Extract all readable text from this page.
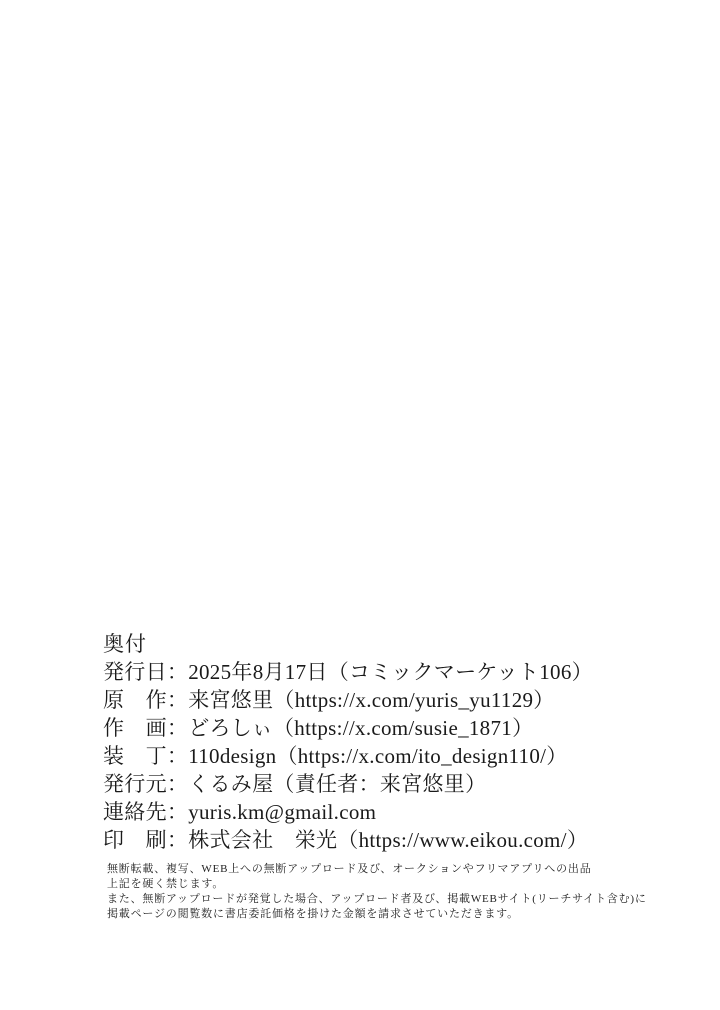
奥付
発行日：2025年8月17日（コミックマーケット106）
原　作：来宮悠里（https://x.com/yuris_yu1129）
作　画：どろしぃ（https://x.com/susie_1871）
装　丁：110design（https://x.com/ito_design110/）
発行元：くるみ屋（責任者：来宮悠里）
連絡先：yuris.km@gmail.com
印　刷：株式会社　栄光（https://www.eikou.com/）
無断転載、複写、WEB上への無断アップロード及び、オークションやフリマアプリへの出品
上記を硬く禁じます。
また、無断アップロードが発覚した場合、アップロード者及び、掲載WEBサイト(リーチサイト含む)に
掲載ページの閲覧数に書店委託価格を掛けた金額を請求させていただきます。
